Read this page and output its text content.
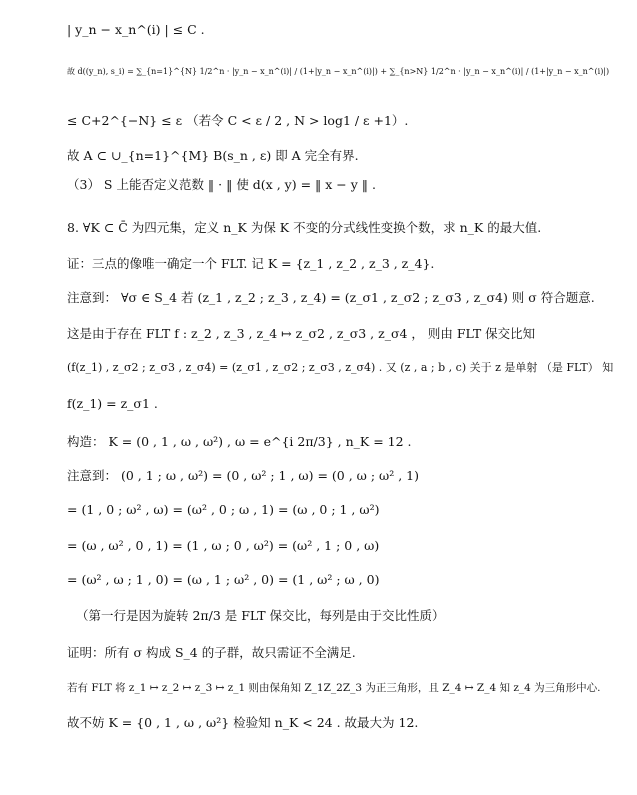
| y_n − x_n^(i) | ≤ C .
故 d((y_n), s_i) = ∑_{n=1}^{N} 1/2^n · |y_n − x_n^(i)| / (1+|y_n − x_n^(i)|) + ∑_{n>N} 1/2^n · |y_n − x_n^(i)| / (1+|y_n − x_n^(i)|)
≤ C+2^{−N} ≤ ε （若令 C < ε / 2 , N > log1 / ε +1）.
故 A ⊂ ∪_{n=1}^{M} B(s_n , ε) 即 A 完全有界.
（3） S 上能否定义范数 ‖ · ‖ 使 d(x , y) = ‖ x − y ‖ .
8. ∀K ⊂ C̄ 为四元集，定义 n_K 为保 K 不变的分式线性变换个数，求 n_K 的最大值.
证：三点的像唯一确定一个 FLT. 记 K = {z_1 , z_2 , z_3 , z_4}.
注意到： ∀σ ∈ S_4 若 (z_1 , z_2 ; z_3 , z_4) = (z_σ1 , z_σ2 ; z_σ3 , z_σ4) 则 σ 符合题意.
这是由于存在 FLT f : z_2 , z_3 , z_4 ↦ z_σ2 , z_σ3 , z_σ4 ， 则由 FLT 保交比知
(f(z_1) , z_σ2 ; z_σ3 , z_σ4) = (z_σ1 , z_σ2 ; z_σ3 , z_σ4) . 又 (z , a ; b , c) 关于 z 是单射 （是 FLT） 知
f(z_1) = z_σ1 .
构造： K = (0 , 1 , ω , ω²) , ω = e^{i 2π/3} , n_K = 12 .
注意到： (0 , 1 ; ω , ω²) = (0 , ω² ; 1 , ω) = (0 , ω ; ω² , 1)
= (1 , 0 ; ω² , ω) = (ω² , 0 ; ω , 1) = (ω , 0 ; 1 , ω²)
= (ω , ω² , 0 , 1) = (1 , ω ; 0 , ω²) = (ω² , 1 ; 0 , ω)
= (ω² , ω ; 1 , 0) = (ω , 1 ; ω² , 0) = (1 , ω² ; ω , 0)
（第一行是因为旋转 2π/3 是 FLT 保交比，每列是由于交比性质）
证明：所有 σ 构成 S_4 的子群，故只需证不全满足.
若有 FLT 将 z_1 ↦ z_2 ↦ z_3 ↦ z_1 则由保角知 Z_1Z_2Z_3 为正三角形，且 Z_4 ↦ Z_4 知 z_4 为三角形中心.
故不妨 K = {0 , 1 , ω , ω²} 检验知 n_K < 24 . 故最大为 12.
